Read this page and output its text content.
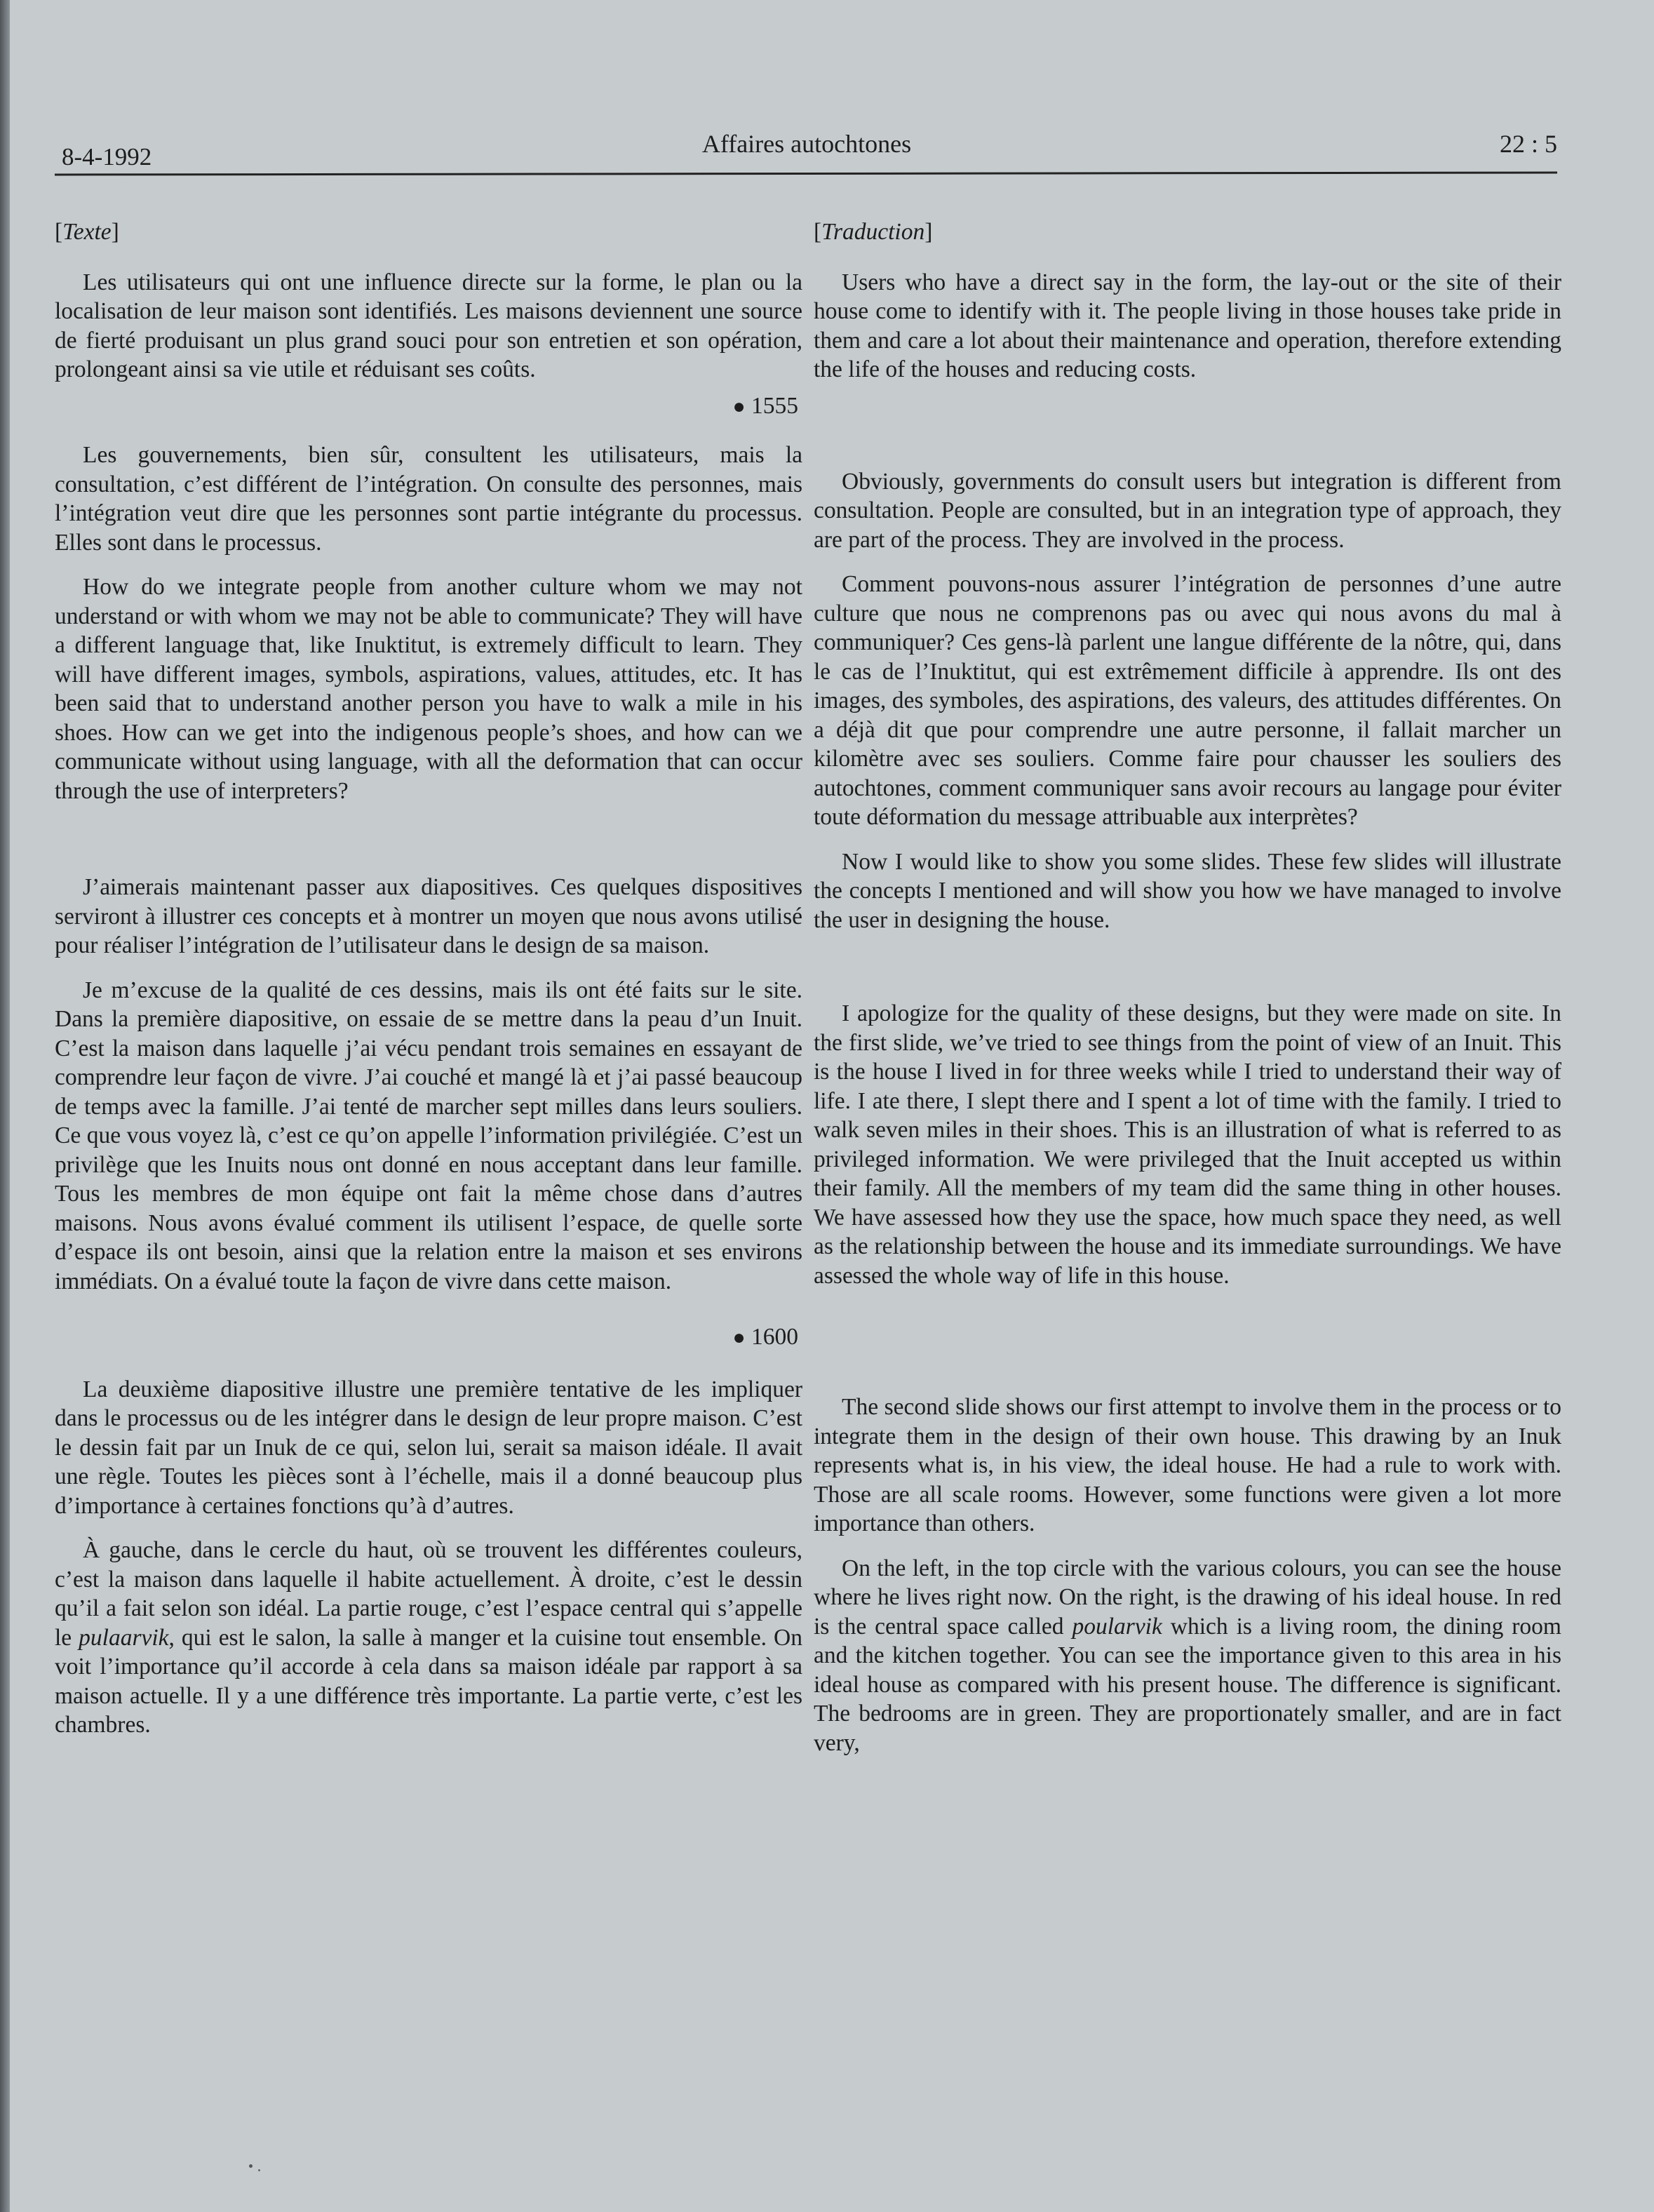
8-4-1992	Affaires autochtones	22 : 5
[Texte]

Les utilisateurs qui ont une influence directe sur la forme, le plan ou la localisation de leur maison sont identifiés. Les maisons deviennent une source de fierté produisant un plus grand souci pour son entretien et son opération, prolongeant ainsi sa vie utile et réduisant ses coûts.

● 1555

Les gouvernements, bien sûr, consultent les utilisateurs, mais la consultation, c’est différent de l’intégration. On consulte des personnes, mais l’intégration veut dire que les personnes sont partie intégrante du processus. Elles sont dans le processus.

How do we integrate people from another culture whom we may not understand or with whom we may not be able to communicate? They will have a different language that, like Inuktitut, is extremely difficult to learn. They will have different images, symbols, aspirations, values, attitudes, etc. It has been said that to understand another person you have to walk a mile in his shoes. How can we get into the indigenous people’s shoes, and how can we communicate without using language, with all the deformation that can occur through the use of interpreters?

J’aimerais maintenant passer aux diapositives. Ces quelques dispositives serviront à illustrer ces concepts et à montrer un moyen que nous avons utilisé pour réaliser l’intégration de l’utilisateur dans le design de sa maison.

Je m’excuse de la qualité de ces dessins, mais ils ont été faits sur le site. Dans la première diapositive, on essaie de se mettre dans la peau d’un Inuit. C’est la maison dans laquelle j’ai vécu pendant trois semaines en essayant de comprendre leur façon de vivre. J’ai couché et mangé là et j’ai passé beaucoup de temps avec la famille. J’ai tenté de marcher sept milles dans leurs souliers. Ce que vous voyez là, c’est ce qu’on appelle l’information privilégiée. C’est un privilège que les Inuits nous ont donné en nous acceptant dans leur famille. Tous les membres de mon équipe ont fait la même chose dans d’autres maisons. Nous avons évalué comment ils utilisent l’espace, de quelle sorte d’espace ils ont besoin, ainsi que la relation entre la maison et ses environs immédiats. On a évalué toute la façon de vivre dans cette maison.

● 1600

La deuxième diapositive illustre une première tentative de les impliquer dans le processus ou de les intégrer dans le design de leur propre maison. C’est le dessin fait par un Inuk de ce qui, selon lui, serait sa maison idéale. Il avait une règle. Toutes les pièces sont à l’échelle, mais il a donné beaucoup plus d’importance à certaines fonctions qu’à d’autres.

À gauche, dans le cercle du haut, où se trouvent les différentes couleurs, c’est la maison dans laquelle il habite actuellement. À droite, c’est le dessin qu’il a fait selon son idéal. La partie rouge, c’est l’espace central qui s’appelle le pulaarvik, qui est le salon, la salle à manger et la cuisine tout ensemble. On voit l’importance qu’il accorde à cela dans sa maison idéale par rapport à sa maison actuelle. Il y a une différence très importante. La partie verte, c’est les chambres.

[Traduction]

Users who have a direct say in the form, the lay-out or the site of their house come to identify with it. The people living in those houses take pride in them and care a lot about their maintenance and operation, therefore extending the life of the houses and reducing costs.

Obviously, governments do consult users but integration is different from consultation. People are consulted, but in an integration type of approach, they are part of the process. They are involved in the process.

Comment pouvons-nous assurer l’intégration de personnes d’une autre culture que nous ne comprenons pas ou avec qui nous avons du mal à communiquer? Ces gens-là parlent une langue différente de la nôtre, qui, dans le cas de l’Inuktitut, qui est extrêmement difficile à apprendre. Ils ont des images, des symboles, des aspirations, des valeurs, des attitudes différentes. On a déjà dit que pour comprendre une autre personne, il fallait marcher un kilomètre avec ses souliers. Comme faire pour chausser les souliers des autochtones, comment communiquer sans avoir recours au langage pour éviter toute déformation du message attribuable aux interprètes?

Now I would like to show you some slides. These few slides will illustrate the concepts I mentioned and will show you how we have managed to involve the user in designing the house.

I apologize for the quality of these designs, but they were made on site. In the first slide, we’ve tried to see things from the point of view of an Inuit. This is the house I lived in for three weeks while I tried to understand their way of life. I ate there, I slept there and I spent a lot of time with the family. I tried to walk seven miles in their shoes. This is an illustration of what is referred to as privileged information. We were privileged that the Inuit accepted us within their family. All the members of my team did the same thing in other houses. We have assessed how they use the space, how much space they need, as well as the relationship between the house and its immediate surroundings. We have assessed the whole way of life in this house.

The second slide shows our first attempt to involve them in the process or to integrate them in the design of their own house. This drawing by an Inuk represents what is, in his view, the ideal house. He had a rule to work with. Those are all scale rooms. However, some functions were given a lot more importance than others.

On the left, in the top circle with the various colours, you can see the house where he lives right now. On the right, is the drawing of his ideal house. In red is the central space called poularvik which is a living room, the dining room and the kitchen together. You can see the importance given to this area in his ideal house as compared with his present house. The difference is significant. The bedrooms are in green. They are proportionately smaller, and are in fact very,
